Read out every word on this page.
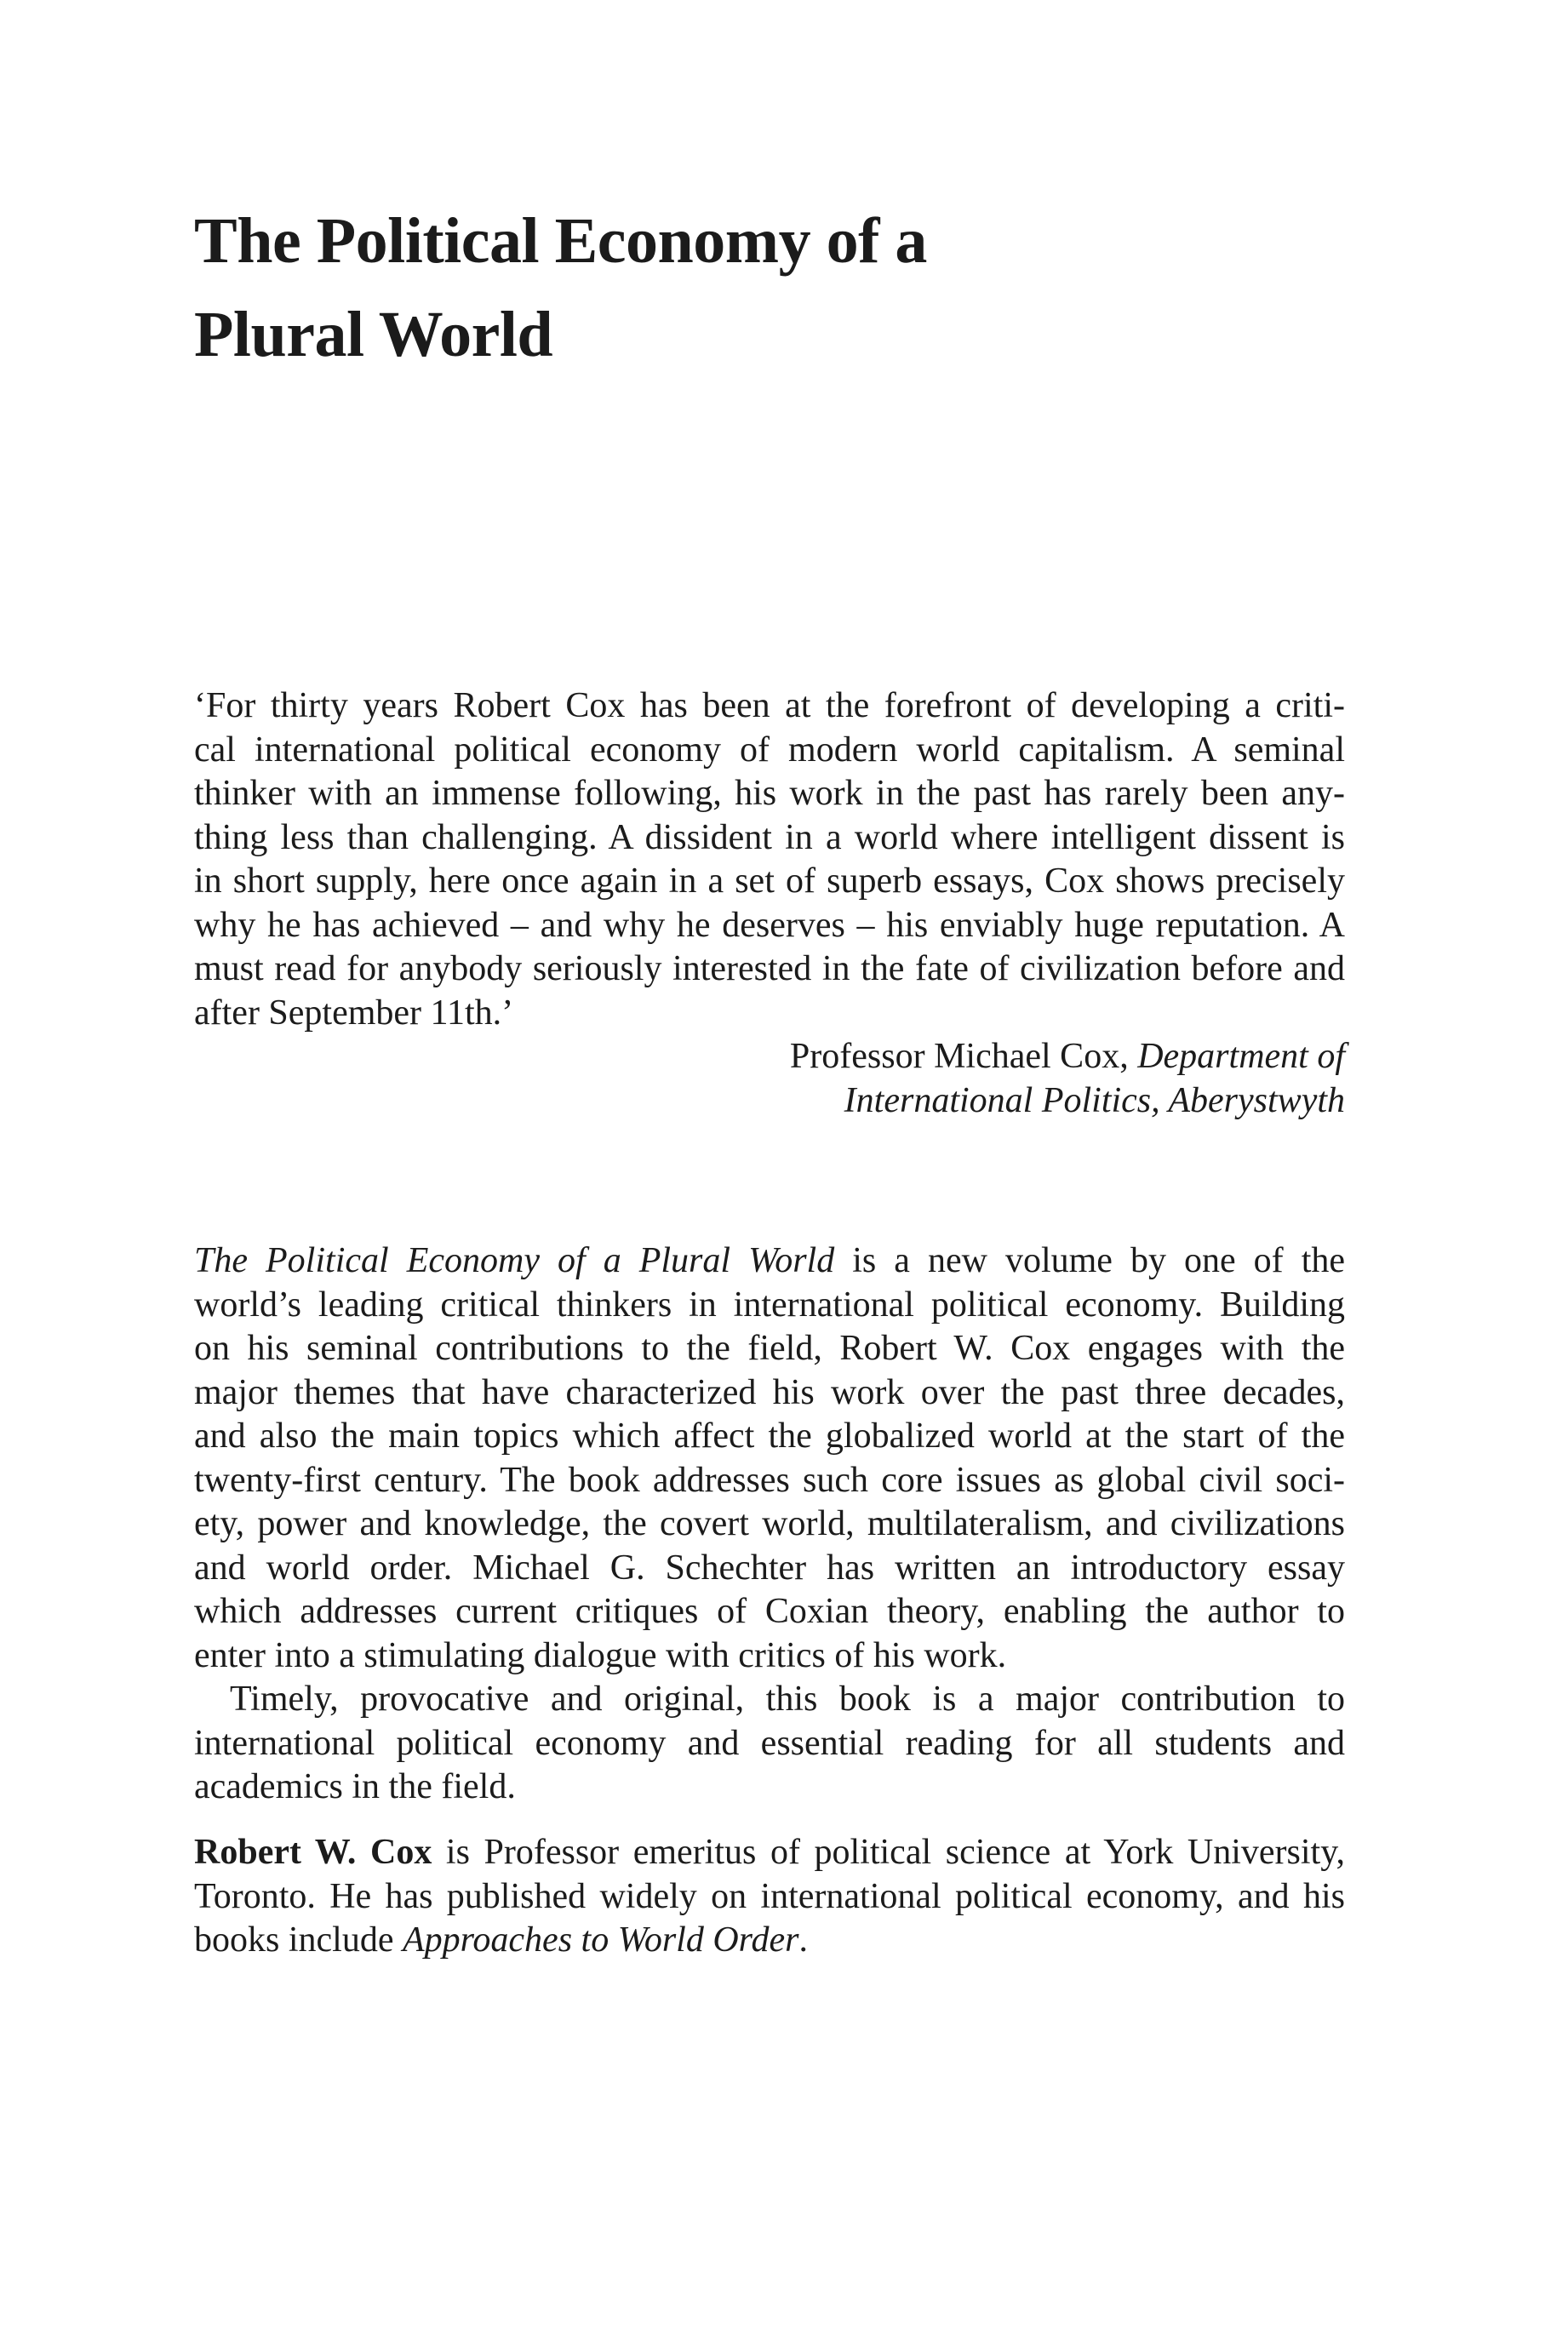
The Political Economy of a
Plural World
‘For thirty years Robert Cox has been at the forefront of developing a criti-
cal international political economy of modern world capitalism. A seminal
thinker with an immense following, his work in the past has rarely been any-
thing less than challenging. A dissident in a world where intelligent dissent is
in short supply, here once again in a set of superb essays, Cox shows precisely
why he has achieved – and why he deserves – his enviably huge reputation. A
must read for anybody seriously interested in the fate of civilization before and
after September 11th.’
Professor Michael Cox, Department of
International Politics, Aberystwyth
The Political Economy of a Plural World is a new volume by one of the
world’s leading critical thinkers in international political economy. Building
on his seminal contributions to the field, Robert W. Cox engages with the
major themes that have characterized his work over the past three decades,
and also the main topics which affect the globalized world at the start of the
twenty-first century. The book addresses such core issues as global civil soci-
ety, power and knowledge, the covert world, multilateralism, and civilizations
and world order. Michael G. Schechter has written an introductory essay
which addresses current critiques of Coxian theory, enabling the author to
enter into a stimulating dialogue with critics of his work.
Timely, provocative and original, this book is a major contribution to
international political economy and essential reading for all students and
academics in the field.
Robert W. Cox is Professor emeritus of political science at York University,
Toronto. He has published widely on international political economy, and his
books include Approaches to World Order.
